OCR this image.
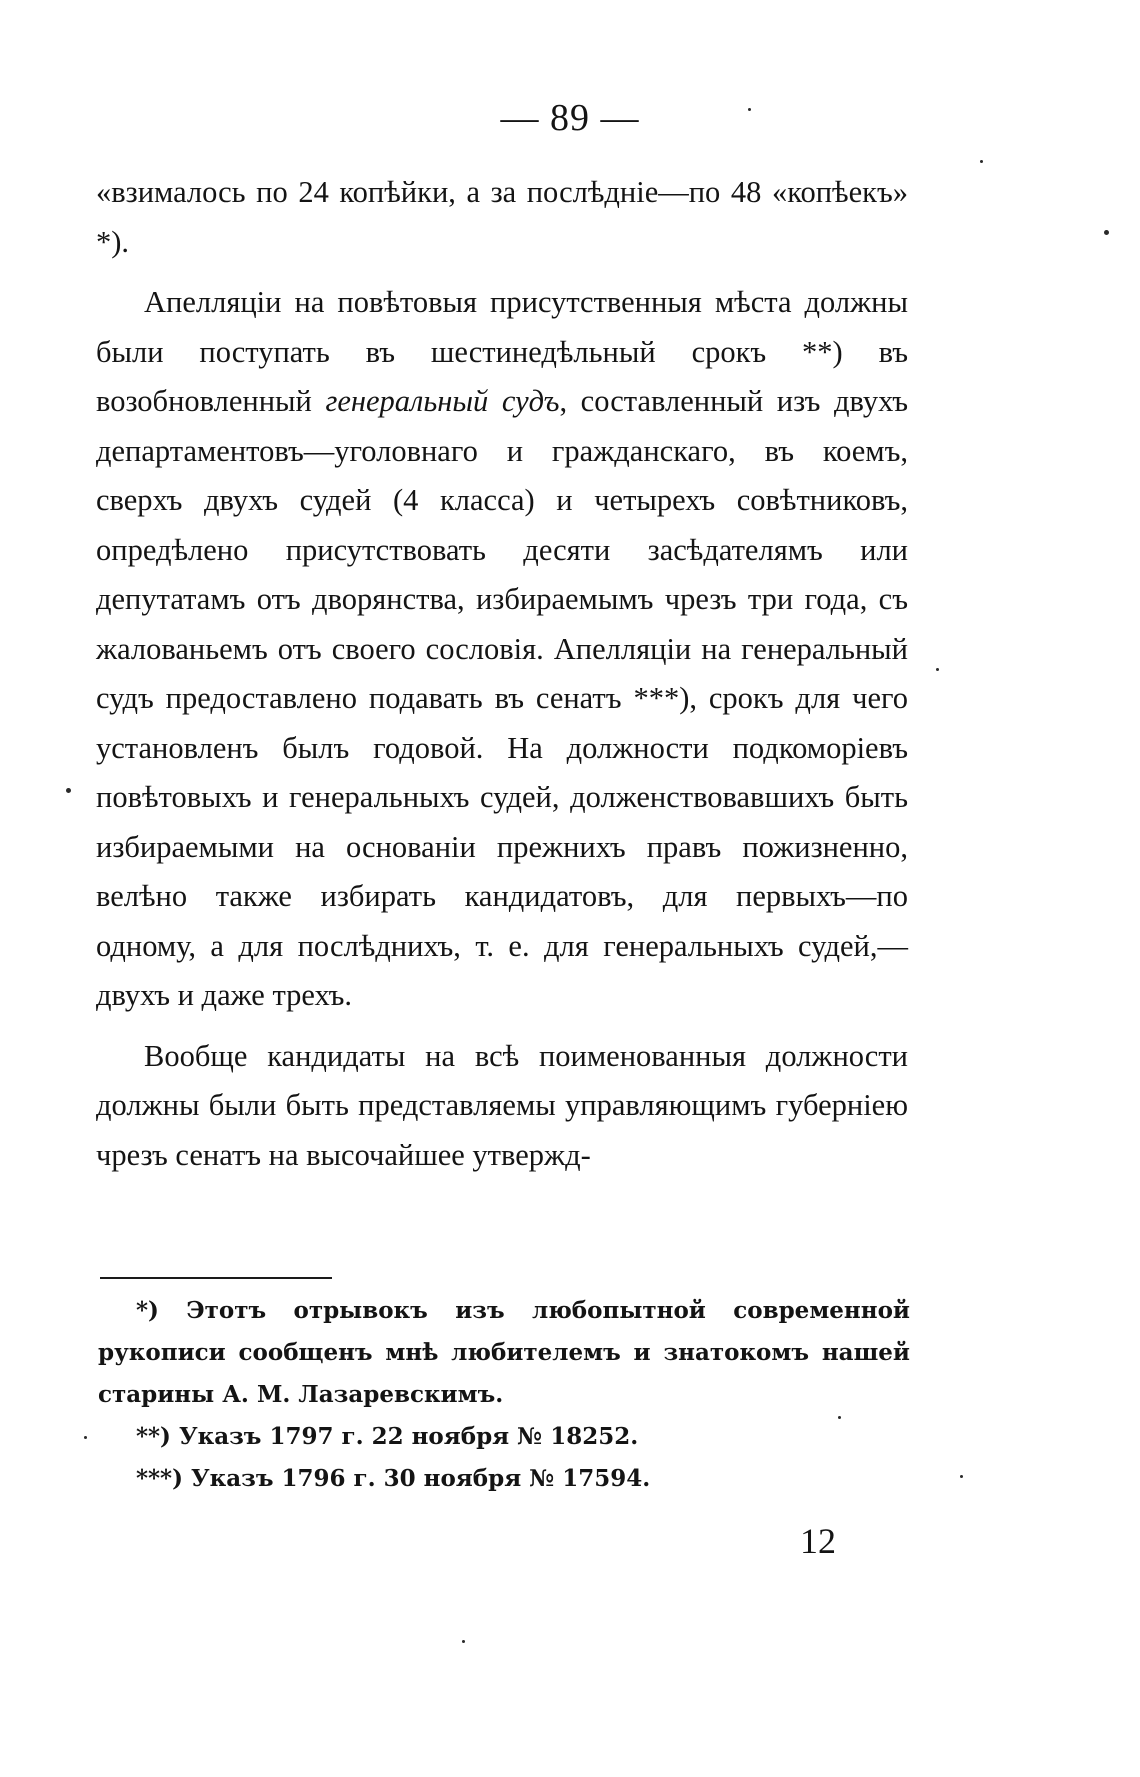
— 89 —

«взималось по 24 копѣйки, а за послѣдніе—по 48 «копѣекъ» *).

Апелляціи на повѣтовыя присутственныя мѣста должны были поступать въ шестинедѣльный срокъ **) въ возобновленный генеральный судъ, составленный изъ двухъ департаментовъ—уголовнаго и гражданскаго, въ коемъ, сверхъ двухъ судей (4 класса) и четырехъ совѣтниковъ, опредѣлено присутствовать десяти засѣдателямъ или депутатамъ отъ дворянства, избираемымъ чрезъ три года, съ жалованьемъ отъ своего сословія. Апелляціи на генеральный судъ предоставлено подавать въ сенатъ ***), срокъ для чего установленъ былъ годовой. На должности подкоморіевъ повѣтовыхъ и генеральныхъ судей, долженствовавшихъ быть избираемыми на основаніи прежнихъ правъ пожизненно, велѣно также избирать кандидатовъ, для первыхъ—по одному, а для послѣднихъ, т. е. для генеральныхъ судей,—двухъ и даже трехъ.

Вообще кандидаты на всѣ поименованныя должности должны были быть представляемы управляющимъ губерніею чрезъ сенатъ на высочайшее утвержд-

*) Этотъ отрывокъ изъ любопытной современной рукописи сообщенъ мнѣ любителемъ и знатокомъ нашей старины А. М. Лазаревскимъ.

**) Указъ 1797 г. 22 ноября № 18252.

***) Указъ 1796 г. 30 ноября № 17594.

12
